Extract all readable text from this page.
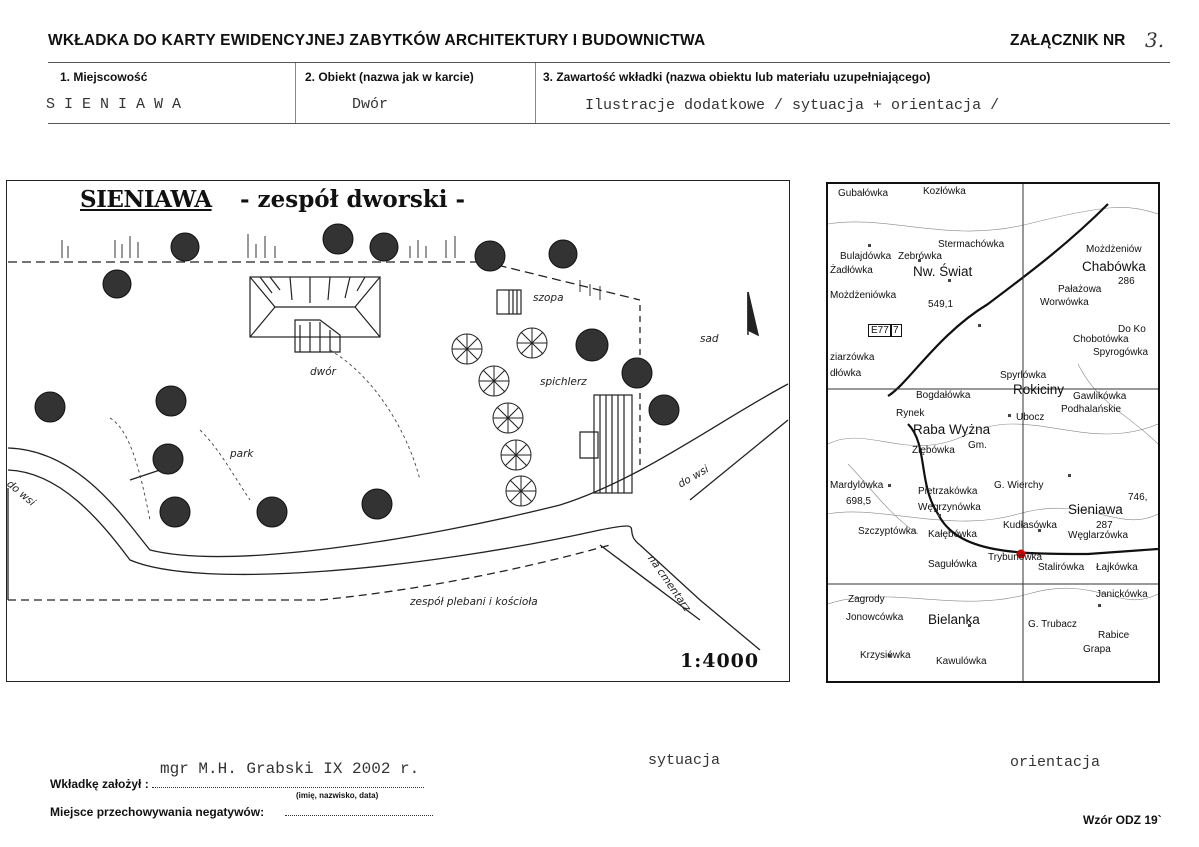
WKŁADKA DO KARTY EWIDENCYJNEJ ZABYTKÓW ARCHITEKTURY I BUDOWNICTWA	ZAŁĄCZNIK NR 3.
1. Miejscowość	2. Obiekt (nazwa jak w karcie)	3. Zawartość wkładki (nazwa obiektu lub materiału uzupełniającego)
SIENIAWA	Dwór	Ilustracje dodatkowe / sytuacja + orientacja /
SIENIAWA - zespół dworski -
szopa
sad
dwór
spichlerz
park
do wsi
do wsi
na cmentarz
zespół plebani i kościoła
1:4000
Gubałówka	Kozłówka
Stermachówka
Bulajdówka Zebrówka
Żadłówka	Nw. Świat
Możdżeniów
Chabówka
Pałażowa
Worwówka
Możdżeniówka
549,1
E77 7
Chobotówka
ziarzówka
dłówka	Spyrlówka
Rokiciny Gawlikówka
Podhalańskie
Bogdałówka
Rynek	Ubocz
Raba Wyżna
Gm.
Ziębówka
Mardylówka
698,5
Pietrzakówka
G. Wierchy
Węgrzynówka	Sieniawa
Kudłasówka	287
Węglarzówka
Szczyptówka Kałębówka
Sagułówka
Trybunówka
Stalirówka Łajkówka
Zagrody	Janickówka
Jonowcówka Bielanka	G. Trubacz
Rabice
Grapa
Krzysiówka
Kawulówka
746,
Do Ko
Spyrogówka
286
mgr M.H. Grabski IX 2002 r.	sytuacja	orientacja
Wkładkę założył :
(imię, nazwisko, data)
Miejsce przechowywania negatywów:
Wzór ODZ 19`
